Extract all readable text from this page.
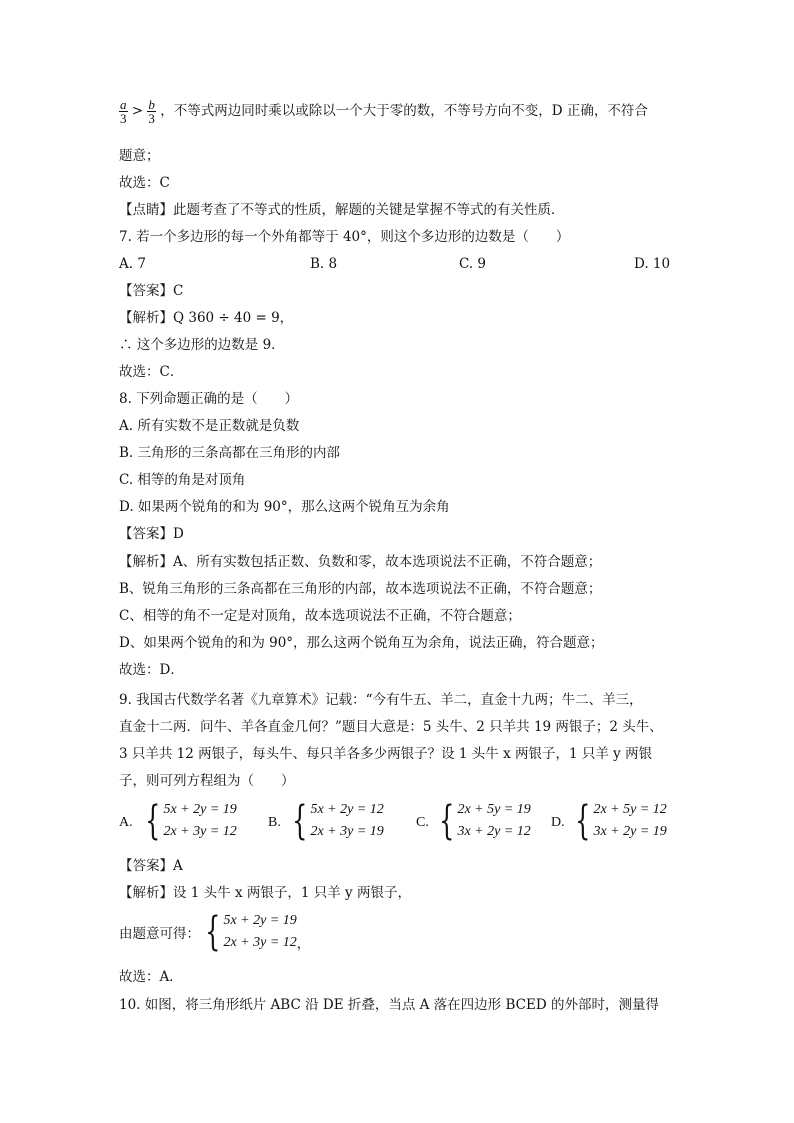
$\frac{a}{3} > \frac{b}{3}$ ，不等式两边同时乘以或除以一个大于零的数，不等号方向不变，D 正确，不符合
题意；
故选：C
【点睛】此题考查了不等式的性质，解题的关键是掌握不等式的有关性质．
7. 若一个多边形的每一个外角都等于 40°，则这个多边形的边数是（　　）
A. 7	B. 8	C. 9	D. 10
【答案】C
【解析】Q 360 ÷ 40 = 9，
∴ 这个多边形的边数是 9．
故选：C．
8. 下列命题正确的是（　　）
A. 所有实数不是正数就是负数
B. 三角形的三条高都在三角形的内部
C. 相等的角是对顶角
D. 如果两个锐角的和为 90°，那么这两个锐角互为余角
【答案】D
【解析】A、所有实数包括正数、负数和零，故本选项说法不正确，不符合题意；
B、锐角三角形的三条高都在三角形的内部，故本选项说法不正确，不符合题意；
C、相等的角不一定是对顶角，故本选项说法不正确，不符合题意；
D、如果两个锐角的和为 90°，那么这两个锐角互为余角，说法正确，符合题意；
故选：D．
9. 我国古代数学名著《九章算术》记载：“今有牛五、羊二，直金十九两；牛二、羊三，
直金十二两．问牛、羊各直金几何？”题目大意是：5 头牛、2 只羊共 19 两银子；2 头牛、
3 只羊共 12 两银子，每头牛、每只羊各多少两银子？设 1 头牛 x 两银子，1 只羊 y 两银
子，则可列方程组为（　　）
A. { 5x + 2y = 19
2x + 3y = 12
B. { 5x + 2y = 12
2x + 3y = 19
C. { 2x + 5y = 19
3x + 2y = 12
D. { 2x + 5y = 12
3x + 2y = 19
【答案】A
【解析】设 1 头牛 x 两银子，1 只羊 y 两银子，
由题意可得： { 5x + 2y = 19
2x + 3y = 12 ，
故选：A．
10. 如图，将三角形纸片 ABC 沿 DE 折叠，当点 A 落在四边形 BCED 的外部时，测量得
